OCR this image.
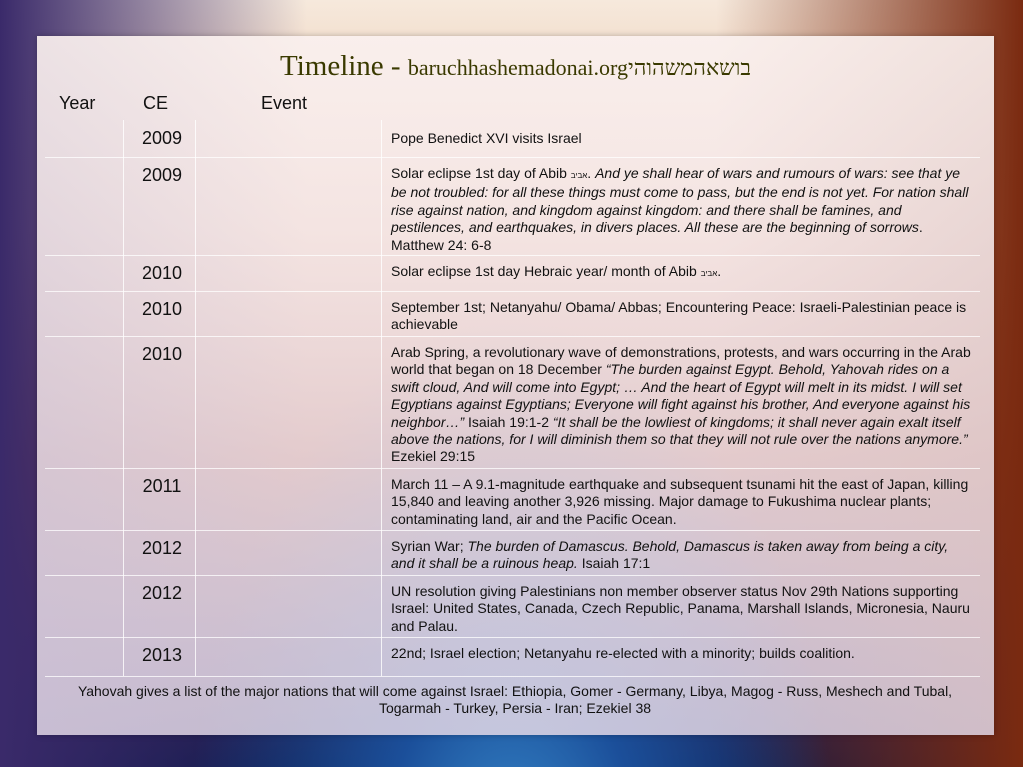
Timeline - baruchhashemadonai.orgבושאהמשהוהי
Year	CE	Event
2009	Pope Benedict XVI visits Israel
2009	Solar eclipse 1st day of Abib אביב. And ye shall hear of wars and rumours of wars: see that ye be not troubled: for all these things must come to pass, but the end is not yet. For nation shall rise against nation, and kingdom against kingdom: and there shall be famines, and pestilences, and earthquakes, in divers places. All these are the beginning of sorrows. Matthew 24: 6-8
2010	Solar eclipse 1st day Hebraic year/ month of Abib אביב.
2010	September 1st; Netanyahu/ Obama/ Abbas; Encountering Peace: Israeli-Palestinian peace is achievable
2010	Arab Spring, a revolutionary wave of demonstrations, protests, and wars occurring in the Arab world that began on 18 December “The burden against Egypt. Behold, Yahovah rides on a swift cloud, And will come into Egypt; … And the heart of Egypt will melt in its midst. I will set Egyptians against Egyptians; Everyone will fight against his brother, And everyone against his neighbor…” Isaiah 19:1-2 “It shall be the lowliest of kingdoms; it shall never again exalt itself above the nations, for I will diminish them so that they will not rule over the nations anymore.” Ezekiel 29:15
2011	March 11 – A 9.1-magnitude earthquake and subsequent tsunami hit the east of Japan, killing 15,840 and leaving another 3,926 missing. Major damage to Fukushima nuclear plants; contaminating land, air and the Pacific Ocean.
2012	Syrian War; The burden of Damascus. Behold, Damascus is taken away from being a city, and it shall be a ruinous heap. Isaiah 17:1
2012	UN resolution giving Palestinians non member observer status Nov 29th Nations supporting Israel: United States, Canada, Czech Republic, Panama, Marshall Islands, Micronesia, Nauru and Palau.
2013	22nd; Israel election; Netanyahu re-elected with a minority; builds coalition.
Yahovah gives a list of the major nations that will come against Israel: Ethiopia, Gomer - Germany, Libya, Magog - Russ, Meshech and Tubal, Togarmah - Turkey, Persia - Iran; Ezekiel 38
